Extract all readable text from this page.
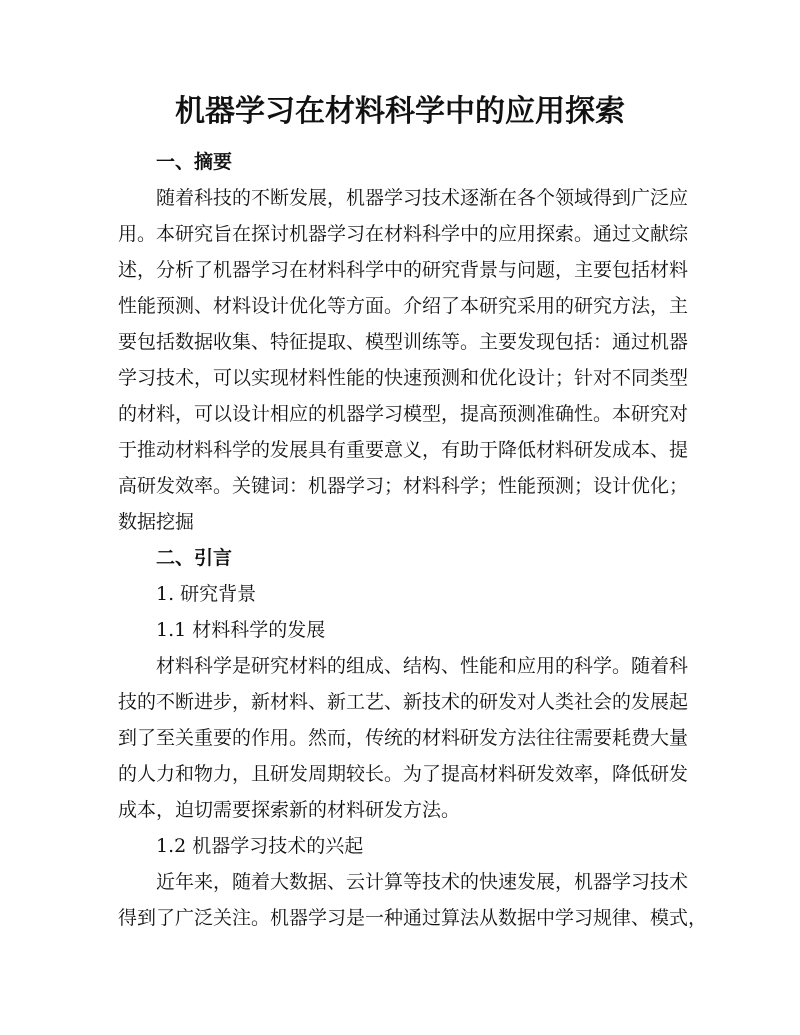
机器学习在材料科学中的应用探索
一、摘要
随着科技的不断发展，机器学习技术逐渐在各个领域得到广泛应
用。本研究旨在探讨机器学习在材料科学中的应用探索。通过文献综
述，分析了机器学习在材料科学中的研究背景与问题，主要包括材料
性能预测、材料设计优化等方面。介绍了本研究采用的研究方法，主
要包括数据收集、特征提取、模型训练等。主要发现包括：通过机器
学习技术，可以实现材料性能的快速预测和优化设计；针对不同类型
的材料，可以设计相应的机器学习模型，提高预测准确性。本研究对
于推动材料科学的发展具有重要意义，有助于降低材料研发成本、提
高研发效率。关键词：机器学习；材料科学；性能预测；设计优化；
数据挖掘
二、引言
1. 研究背景
1.1 材料科学的发展
材料科学是研究材料的组成、结构、性能和应用的科学。随着科
技的不断进步，新材料、新工艺、新技术的研发对人类社会的发展起
到了至关重要的作用。然而，传统的材料研发方法往往需要耗费大量
的人力和物力，且研发周期较长。为了提高材料研发效率，降低研发
成本，迫切需要探索新的材料研发方法。
1.2 机器学习技术的兴起
近年来，随着大数据、云计算等技术的快速发展，机器学习技术
得到了广泛关注。机器学习是一种通过算法从数据中学习规律、模式，
